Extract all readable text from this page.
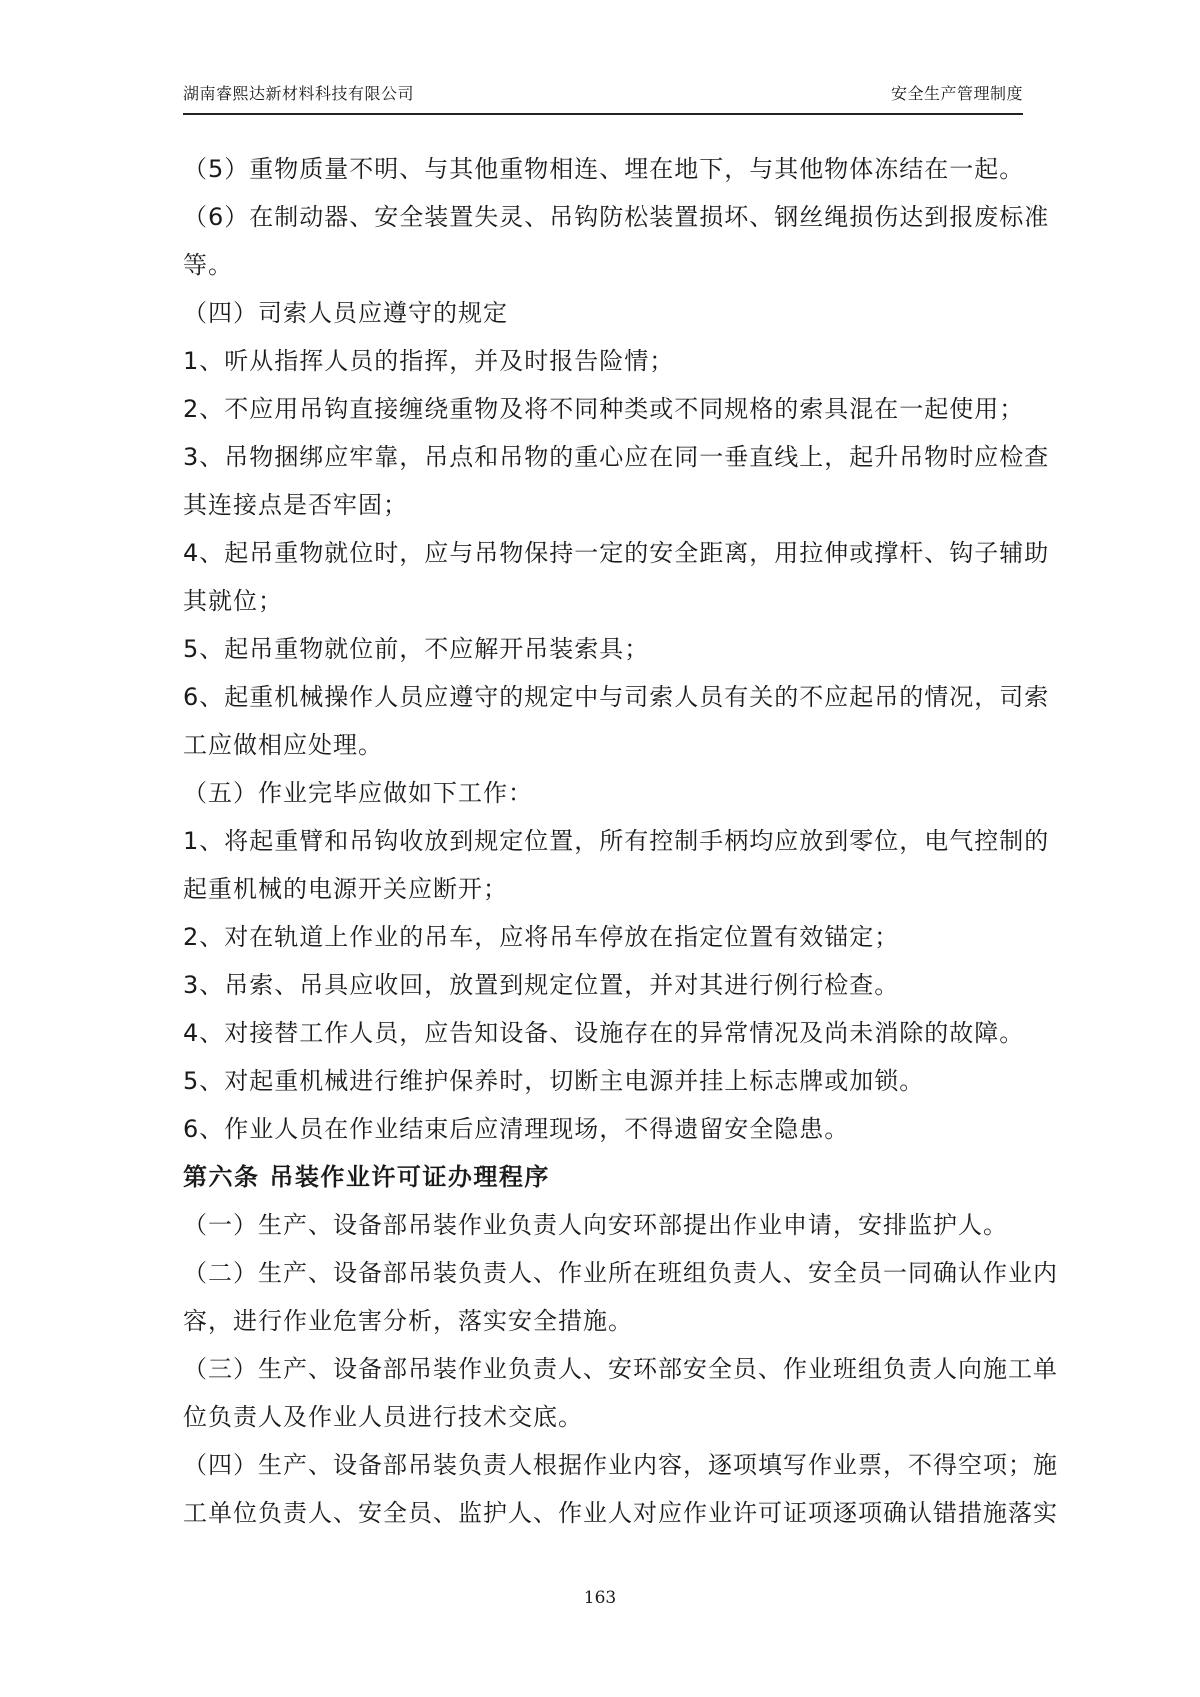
湖南睿熙达新材料科技有限公司	安全生产管理制度
（5）重物质量不明、与其他重物相连、埋在地下，与其他物体冻结在一起。
（6）在制动器、安全装置失灵、吊钩防松装置损坏、钢丝绳损伤达到报废标准
等。
（四）司索人员应遵守的规定
1、听从指挥人员的指挥，并及时报告险情；
2、不应用吊钩直接缠绕重物及将不同种类或不同规格的索具混在一起使用；
3、吊物捆绑应牢靠，吊点和吊物的重心应在同一垂直线上，起升吊物时应检查
其连接点是否牢固；
4、起吊重物就位时，应与吊物保持一定的安全距离，用拉伸或撑杆、钩子辅助
其就位；
5、起吊重物就位前，不应解开吊装索具；
6、起重机械操作人员应遵守的规定中与司索人员有关的不应起吊的情况，司索
工应做相应处理。
（五）作业完毕应做如下工作：
1、将起重臂和吊钩收放到规定位置，所有控制手柄均应放到零位，电气控制的
起重机械的电源开关应断开；
2、对在轨道上作业的吊车，应将吊车停放在指定位置有效锚定；
3、吊索、吊具应收回，放置到规定位置，并对其进行例行检查。
4、对接替工作人员，应告知设备、设施存在的异常情况及尚未消除的故障。
5、对起重机械进行维护保养时，切断主电源并挂上标志牌或加锁。
6、作业人员在作业结束后应清理现场，不得遗留安全隐患。
第六条 吊装作业许可证办理程序
（一）生产、设备部吊装作业负责人向安环部提出作业申请，安排监护人。
（二）生产、设备部吊装负责人、作业所在班组负责人、安全员一同确认作业内
容，进行作业危害分析，落实安全措施。
（三）生产、设备部吊装作业负责人、安环部安全员、作业班组负责人向施工单
位负责人及作业人员进行技术交底。
（四）生产、设备部吊装负责人根据作业内容，逐项填写作业票，不得空项；施
工单位负责人、安全员、监护人、作业人对应作业许可证项逐项确认错措施落实
163
